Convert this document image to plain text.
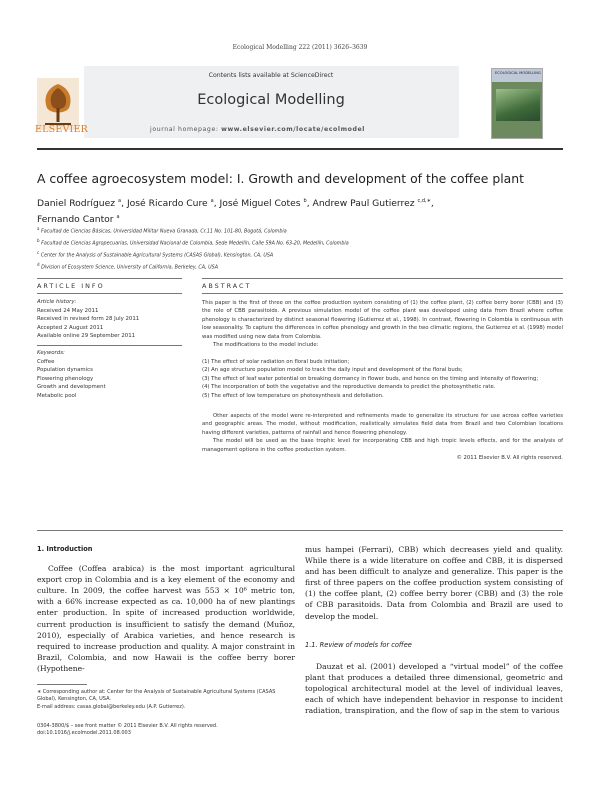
Ecological Modelling 222 (2011) 3626–3639
Contents lists available at ScienceDirect
Ecological Modelling
journal homepage: www.elsevier.com/locate/ecolmodel
ELSEVIER
ECOLOGICAL MODELLING
A coffee agroecosystem model: I. Growth and development of the coffee plant
Daniel Rodríguez $^a$, José Ricardo Cure $^a$, José Miguel Cotes $^b$, Andrew Paul Gutierrez $^{c,d,∗}$,
Fernando Cantor $^a$
$^a$ Facultad de Ciencias Básicas, Universidad Militar Nueva Granada, Cr.11 No. 101-80, Bogotá, Colombia
$^b$ Facultad de Ciencias Agropecuarias, Universidad Nacional de Colombia, Sede Medellín, Calle 59A No. 63-20, Medellín, Colombia
$^c$ Center for the Analysis of Sustainable Agricultural Systems (CASAS Global), Kensington, CA, USA
$^d$ Division of Ecosystem Science, University of California, Berkeley, CA, USA
ARTICLE INFO	ABSTRACT
Article history:
Received 24 May 2011
Received in revised form 28 July 2011
Accepted 2 August 2011
Available online 29 September 2011
Keywords:
Coffee
Population dynamics
Flowering phenology
Growth and development
Metabolic pool

This paper is the first of three on the coffee production system consisting of (1) the coffee plant, (2) coffee berry borer (CBB) and (3) the role of CBB parasitoids. A previous simulation model of the coffee plant was developed using data from Brazil where coffee phenology is characterized by distinct seasonal flowering (Gutierrez et al., 1998). In contrast, flowering in Colombia is continuous with low seasonality. To capture the differences in coffee phenology and growth in the two climatic regions, the Gutierrez et al. (1998) model was modified using new data from Colombia.

The modifications to the model include:

(1) The effect of solar radiation on floral buds initiation;
(2) An age structure population model to track the daily input and development of the floral buds;
(3) The effect of leaf water potential on breaking dormancy in flower buds, and hence on the timing and intensity of flowering;
(4) The incorporation of both the vegetative and the reproductive demands to predict the photosynthetic rate.
(5) The effect of low temperature on photosynthesis and defoliation.

Other aspects of the model were re-interpreted and refinements made to generalize its structure for use across coffee varieties and geographic areas. The model, without modification, realistically simulates field data from Brazil and two Colombian locations having different varieties, patterns of rainfall and hence flowering phenology.

The model will be used as the base trophic level for incorporating CBB and high tropic levels effects, and for the analysis of management options in the coffee production system.

© 2011 Elsevier B.V. All rights reserved.

1. Introduction

Coffee (Coffea arabica) is the most important agricultural export crop in Colombia and is a key element of the economy and culture. In 2009, the coffee harvest was 553 × 10⁶ metric ton, with a 66% increase expected as ca. 10,000 ha of new plantings enter production. In spite of increased production worldwide, current production is insufficient to satisfy the demand (Muñoz, 2010), especially of Arabica varieties, and hence research is required to increase production and quality. A major constraint in Brazil, Colombia, and now Hawaii is the coffee berry borer (Hypothene-

mus hampei (Ferrari), CBB) which decreases yield and quality. While there is a wide literature on coffee and CBB, it is dispersed and has been difficult to analyze and generalize. This paper is the first of three papers on the coffee production system consisting of (1) the coffee plant, (2) coffee berry borer (CBB) and (3) the role of CBB parasitoids. Data from Colombia and Brazil are used to develop the model.

1.1. Review of models for coffee

Dauzat et al. (2001) developed a “virtual model” of the coffee plant that produces a detailed three dimensional, geometric and topological architectural model at the level of individual leaves, each of which have independent behavior in response to incident radiation, transpiration, and the flow of sap in the stem to various

∗ Corresponding author at: Center for the Analysis of Sustainable Agricultural Systems (CASAS Global), Kensington, CA, USA.
E-mail address: casas.global@berkeley.edu (A.P. Gutierrez).
0304-3800/$ – see front matter © 2011 Elsevier B.V. All rights reserved.
doi:10.1016/j.ecolmodel.2011.08.003
